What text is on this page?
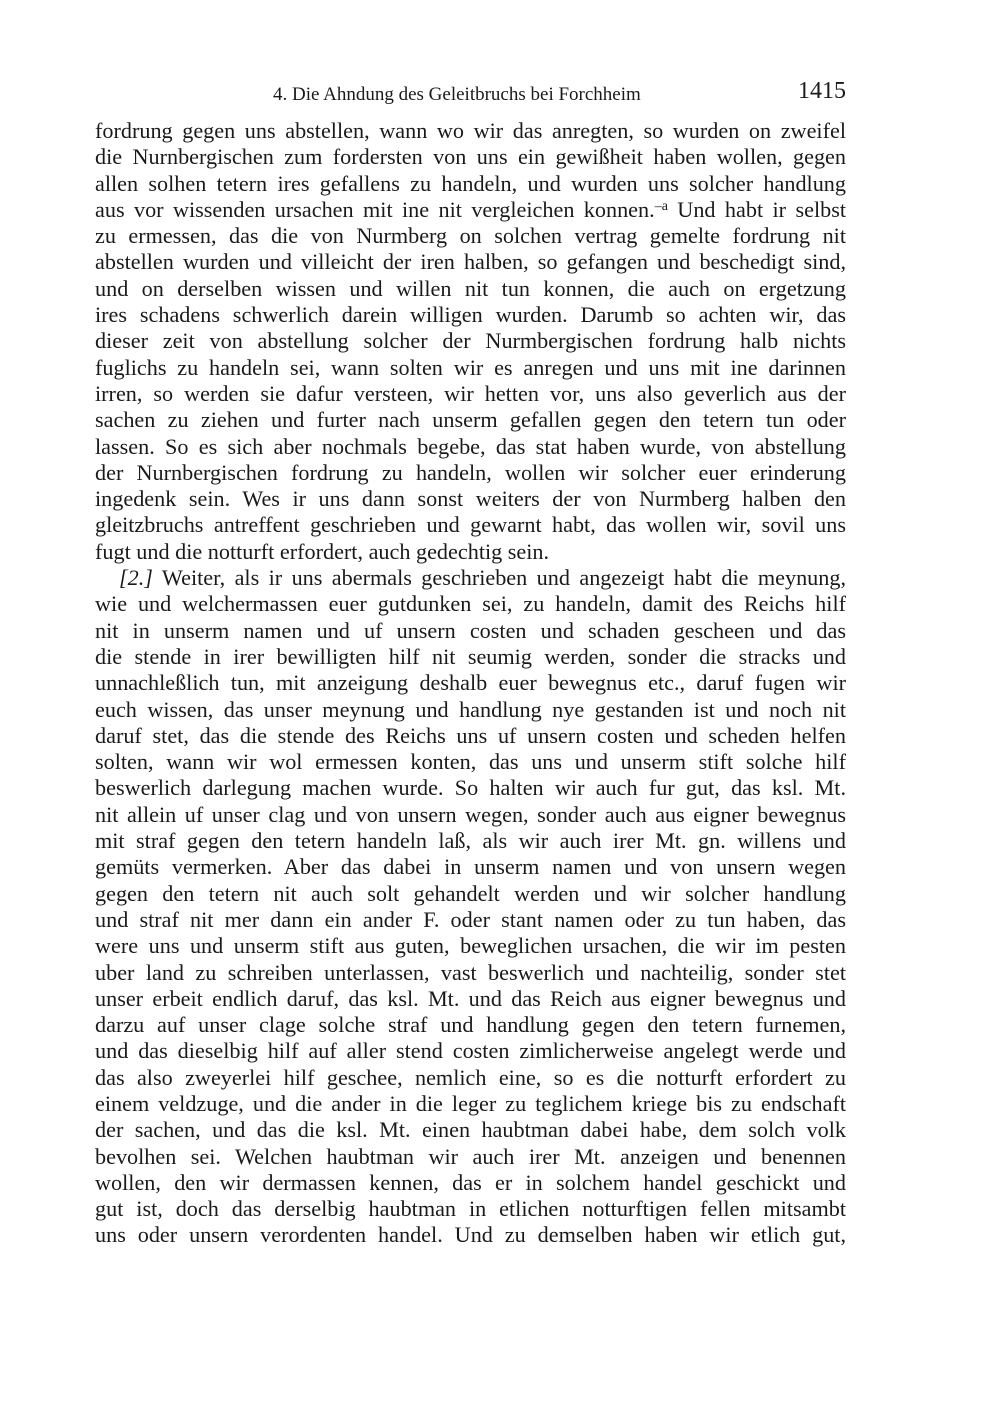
4. Die Ahndung des Geleitbruchs bei Forchheim	1415
fordrung gegen uns abstellen, wann wo wir das anregten, so wurden on zweifel
die Nurnbergischen zum fordersten von uns ein gewißheit haben wollen, gegen
allen solhen tetern ires gefallens zu handeln, und wurden uns solcher handlung
aus vor wissenden ursachen mit ine nit vergleichen konnen.$^{-a}$ Und habt ir selbst
zu ermessen, das die von Nurmberg on solchen vertrag gemelte fordrung nit
abstellen wurden und villeicht der iren halben, so gefangen und beschedigt sind,
und on derselben wissen und willen nit tun konnen, die auch on ergetzung
ires schadens schwerlich darein willigen wurden. Darumb so achten wir, das
dieser zeit von abstellung solcher der Nurmbergischen fordrung halb nichts
fuglichs zu handeln sei, wann solten wir es anregen und uns mit ine darinnen
irren, so werden sie dafur versteen, wir hetten vor, uns also geverlich aus der
sachen zu ziehen und furter nach unserm gefallen gegen den tetern tun oder
lassen. So es sich aber nochmals begebe, das stat haben wurde, von abstellung
der Nurnbergischen fordrung zu handeln, wollen wir solcher euer erinderung
ingedenk sein. Wes ir uns dann sonst weiters der von Nurmberg halben den
gleitzbruchs antreffent geschrieben und gewarnt habt, das wollen wir, sovil uns
fugt und die notturft erfordert, auch gedechtig sein.
[2.] Weiter, als ir uns abermals geschrieben und angezeigt habt die meynung,
wie und welchermassen euer gutdunken sei, zu handeln, damit des Reichs hilf
nit in unserm namen und uf unsern costen und schaden gescheen und das
die stende in irer bewilligten hilf nit seumig werden, sonder die stracks und
unnachleßlich tun, mit anzeigung deshalb euer bewegnus etc., daruf fugen wir
euch wissen, das unser meynung und handlung nye gestanden ist und noch nit
daruf stet, das die stende des Reichs uns uf unsern costen und scheden helfen
solten, wann wir wol ermessen konten, das uns und unserm stift solche hilf
beswerlich darlegung machen wurde. So halten wir auch fur gut, das ksl. Mt.
nit allein uf unser clag und von unsern wegen, sonder auch aus eigner bewegnus
mit straf gegen den tetern handeln laß, als wir auch irer Mt. gn. willens und
gemüts vermerken. Aber das dabei in unserm namen und von unsern wegen
gegen den tetern nit auch solt gehandelt werden und wir solcher handlung
und straf nit mer dann ein ander F. oder stant namen oder zu tun haben, das
were uns und unserm stift aus guten, beweglichen ursachen, die wir im pesten
uber land zu schreiben unterlassen, vast beswerlich und nachteilig, sonder stet
unser erbeit endlich daruf, das ksl. Mt. und das Reich aus eigner bewegnus und
darzu auf unser clage solche straf und handlung gegen den tetern furnemen,
und das dieselbig hilf auf aller stend costen zimlicherweise angelegt werde und
das also zweyerlei hilf geschee, nemlich eine, so es die notturft erfordert zu
einem veldzuge, und die ander in die leger zu teglichem kriege bis zu endschaft
der sachen, und das die ksl. Mt. einen haubtman dabei habe, dem solch volk
bevolhen sei. Welchen haubtman wir auch irer Mt. anzeigen und benennen
wollen, den wir dermassen kennen, das er in solchem handel geschickt und
gut ist, doch das derselbig haubtman in etlichen notturftigen fellen mitsambt
uns oder unsern verordenten handel. Und zu demselben haben wir etlich gut,
